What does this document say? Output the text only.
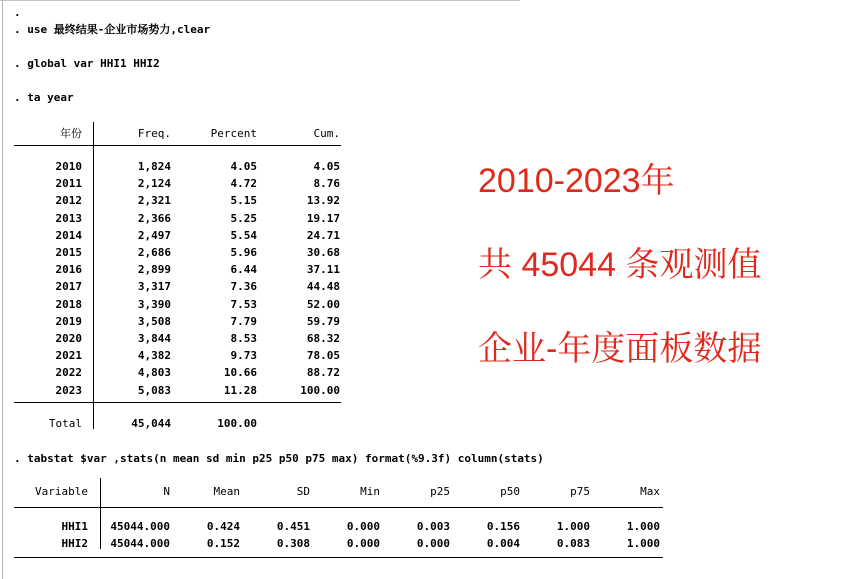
.
. use 最终结果-企业市场势力,clear
. global var HHI1 HHI2
. ta year
年份	Freq.	Percent	Cum.
2010	1,824	4.05	4.05
2011	2,124	4.72	8.76
2012	2,321	5.15	13.92
2013	2,366	5.25	19.17
2014	2,497	5.54	24.71
2015	2,686	5.96	30.68
2016	2,899	6.44	37.11
2017	3,317	7.36	44.48
2018	3,390	7.53	52.00
2019	3,508	7.79	59.79
2020	3,844	8.53	68.32
2021	4,382	9.73	78.05
2022	4,803	10.66	88.72
2023	5,083	11.28	100.00
Total	45,044	100.00
. tabstat $var ,stats(n mean sd min p25 p50 p75 max) format(%9.3f) column(stats)
Variable	N	Mean	SD	Min	p25	p50	p75	Max
HHI1	45044.000	0.424	0.451	0.000	0.003	0.156	1.000	1.000
HHI2	45044.000	0.152	0.308	0.000	0.000	0.004	0.083	1.000
2010-2023年
共 45044 条观测值
企业-年度面板数据
